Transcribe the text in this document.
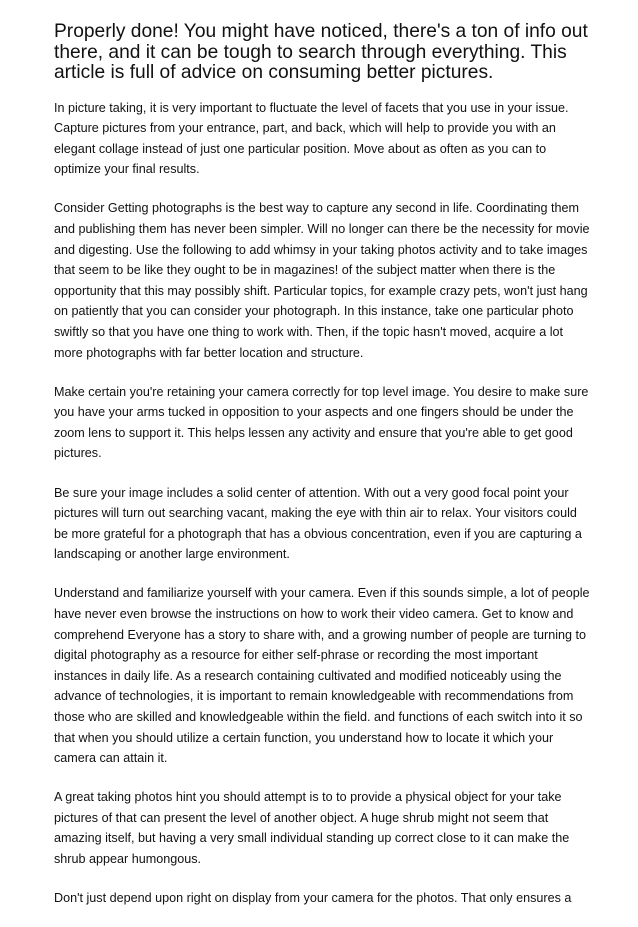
Properly done! You might have noticed, there's a ton of info out there, and it can be tough to search through everything. This article is full of advice on consuming better pictures.

In picture taking, it is very important to fluctuate the level of facets that you use in your issue. Capture pictures from your entrance, part, and back, which will help to provide you with an elegant collage instead of just one particular position. Move about as often as you can to optimize your final results.

Consider Getting photographs is the best way to capture any second in life. Coordinating them and publishing them has never been simpler. Will no longer can there be the necessity for movie and digesting. Use the following to add whimsy in your taking photos activity and to take images that seem to be like they ought to be in magazines! of the subject matter when there is the opportunity that this may possibly shift. Particular topics, for example crazy pets, won't just hang on patiently that you can consider your photograph. In this instance, take one particular photo swiftly so that you have one thing to work with. Then, if the topic hasn't moved, acquire a lot more photographs with far better location and structure.

Make certain you're retaining your camera correctly for top level image. You desire to make sure you have your arms tucked in opposition to your aspects and one fingers should be under the zoom lens to support it. This helps lessen any activity and ensure that you're able to get good pictures.

Be sure your image includes a solid center of attention. With out a very good focal point your pictures will turn out searching vacant, making the eye with thin air to relax. Your visitors could be more grateful for a photograph that has a obvious concentration, even if you are capturing a landscaping or another large environment.

Understand and familiarize yourself with your camera. Even if this sounds simple, a lot of people have never even browse the instructions on how to work their video camera. Get to know and comprehend Everyone has a story to share with, and a growing number of people are turning to digital photography as a resource for either self-phrase or recording the most important instances in daily life. As a research containing cultivated and modified noticeably using the advance of technologies, it is important to remain knowledgeable with recommendations from those who are skilled and knowledgeable within the field. and functions of each switch into it so that when you should utilize a certain function, you understand how to locate it which your camera can attain it.

A great taking photos hint you should attempt is to to provide a physical object for your take pictures of that can present the level of another object. A huge shrub might not seem that amazing itself, but having a very small individual standing up correct close to it can make the shrub appear humongous.

Don't just depend upon right on display from your camera for the photos. That only ensures a
